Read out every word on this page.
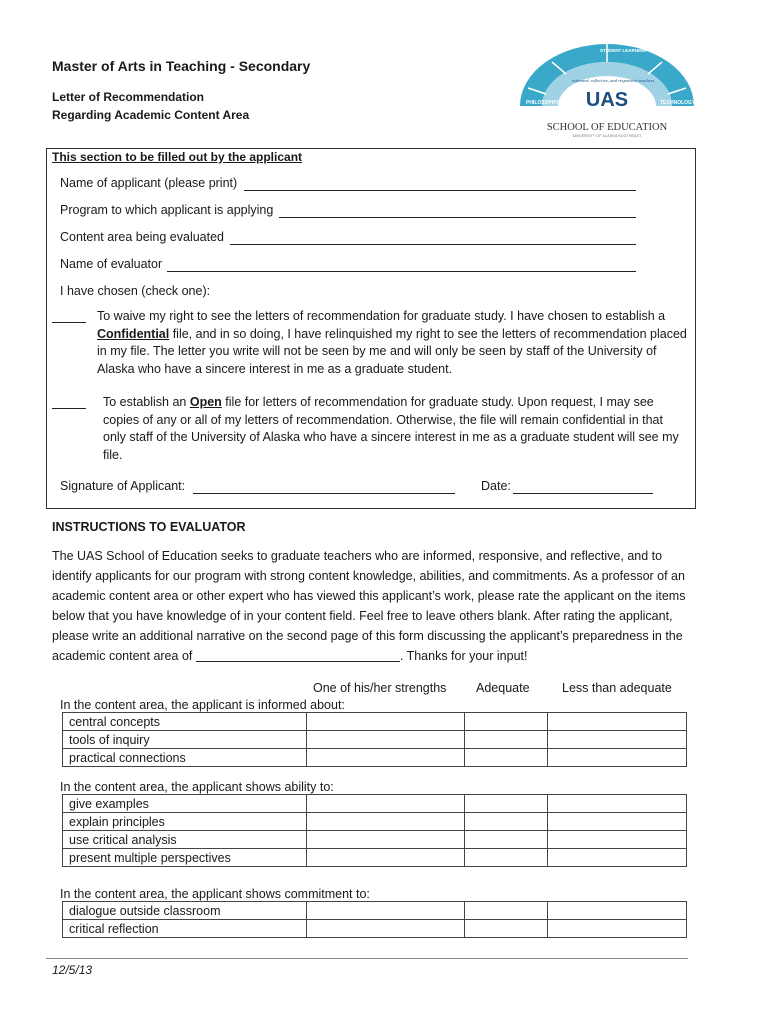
Master of Arts in Teaching - Secondary
Letter of Recommendation
Regarding Academic Content Area
PHILOSOPHY
STUDENT LEARNING
TECHNOLOGY
informed, reflective, and responsive teachers
UAS
SCHOOL OF EDUCATION
UNIVERSITY OF ALASKA SOUTHEAST
This section to be filled out by the applicant
Name of applicant (please print)
Program to which applicant is applying
Content area being evaluated
Name of evaluator
I have chosen (check one):
To waive my right to see the letters of recommendation for graduate study. I have chosen to establish a Confidential file, and in so doing, I have relinquished my right to see the letters of recommendation placed in my file. The letter you write will not be seen by me and will only be seen by staff of the University of Alaska who have a sincere interest in me as a graduate student.
To establish an Open file for letters of recommendation for graduate study. Upon request, I may see copies of any or all of my letters of recommendation. Otherwise, the file will remain confidential in that only staff of the University of Alaska who have a sincere interest in me as a graduate student will see my file.
Signature of Applicant:	Date:
INSTRUCTIONS TO EVALUATOR
The UAS School of Education seeks to graduate teachers who are informed, responsive, and reflective, and to identify applicants for our program with strong content knowledge, abilities, and commitments. As a professor of an academic content area or other expert who has viewed this applicant’s work, please rate the applicant on the items below that you have knowledge of in your content field. Feel free to leave others blank. After rating the applicant, please write an additional narrative on the second page of this form discussing the applicant’s preparedness in the academic content area of	. Thanks for your input!
One of his/her strengths Adequate	Less than adequate
In the content area, the applicant is informed about:
central concepts			
tools of inquiry			
practical connections			
In the content area, the applicant shows ability to:
give examples			
explain principles			
use critical analysis			
present multiple perspectives			
In the content area, the applicant shows commitment to:
dialogue outside classroom			
critical reflection			
12/5/13
